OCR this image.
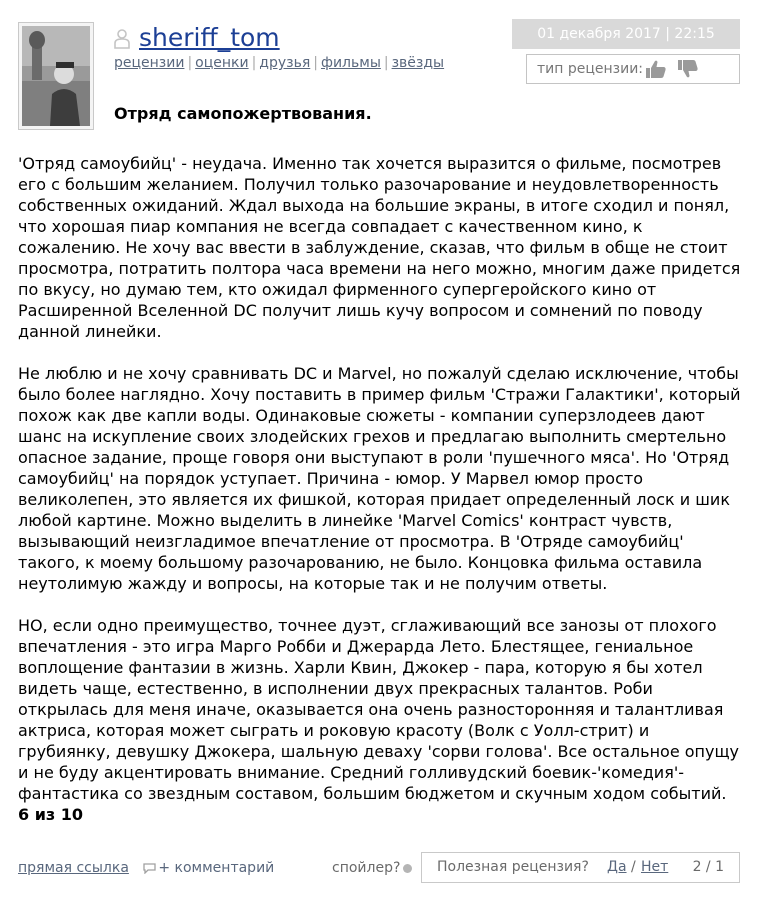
sheriff_tom
рецензии | оценки | друзья | фильмы | звёзды
01 декабря 2017 | 22:15
тип рецензии:
Отряд самопожертвования.

'Отряд самоубийц' - неудача. Именно так хочется выразится о фильме, посмотрев его с большим желанием. Получил только разочарование и неудовлетворенность собственных ожиданий. Ждал выхода на большие экраны, в итоге сходил и понял, что хорошая пиар компания не всегда совпадает с качественном кино, к сожалению. Не хочу вас ввести в заблуждение, сказав, что фильм в обще не стоит просмотра, потратить полтора часа времени на него можно, многим даже придется по вкусу, но думаю тем, кто ожидал фирменного супергеройского кино от Расширенной Вселенной DC получит лишь кучу вопросом и сомнений по поводу данной линейки.

Не люблю и не хочу сравнивать DC и Marvel, но пожалуй сделаю исключение, чтобы было более наглядно. Хочу поставить в пример фильм 'Стражи Галактики', который похож как две капли воды. Одинаковые сюжеты - компании суперзлодеев дают шанс на искупление своих злодейских грехов и предлагаю выполнить смертельно опасное задание, проще говоря они выступают в роли 'пушечного мяса'. Но 'Отряд самоубийц' на порядок уступает. Причина - юмор. У Марвел юмор просто великолепен, это является их фишкой, которая придает определенный лоск и шик любой картине. Можно выделить в линейке 'Marvel Comics' контраст чувств, вызывающий неизгладимое впечатление от просмотра. В 'Отряде самоубийц' такого, к моему большому разочарованию, не было. Концовка фильма оставила неутолимую жажду и вопросы, на которые так и не получим ответы.

НО, если одно преимущество, точнее дуэт, сглаживающий все занозы от плохого впечатления - это игра Марго Робби и Джерарда Лето. Блестящее, гениальное воплощение фантазии в жизнь. Харли Квин, Джокер - пара, которую я бы хотел видеть чаще, естественно, в исполнении двух прекрасных талантов. Роби открылась для меня иначе, оказывается она очень разносторонняя и талантливая актриса, которая может сыграть и роковую красоту (Волк с Уолл-стрит) и грубиянку, девушку Джокера, шальную деваху 'сорви голова'. Все остальное опущу и не буду акцентировать внимание. Средний голливудский боевик-'комедия'-фантастика со звездным составом, большим бюджетом и скучным ходом событий.

6 из 10
прямая ссылка + комментарий	спойлер?	Полезная рецензия? Да / Нет 2 / 1
